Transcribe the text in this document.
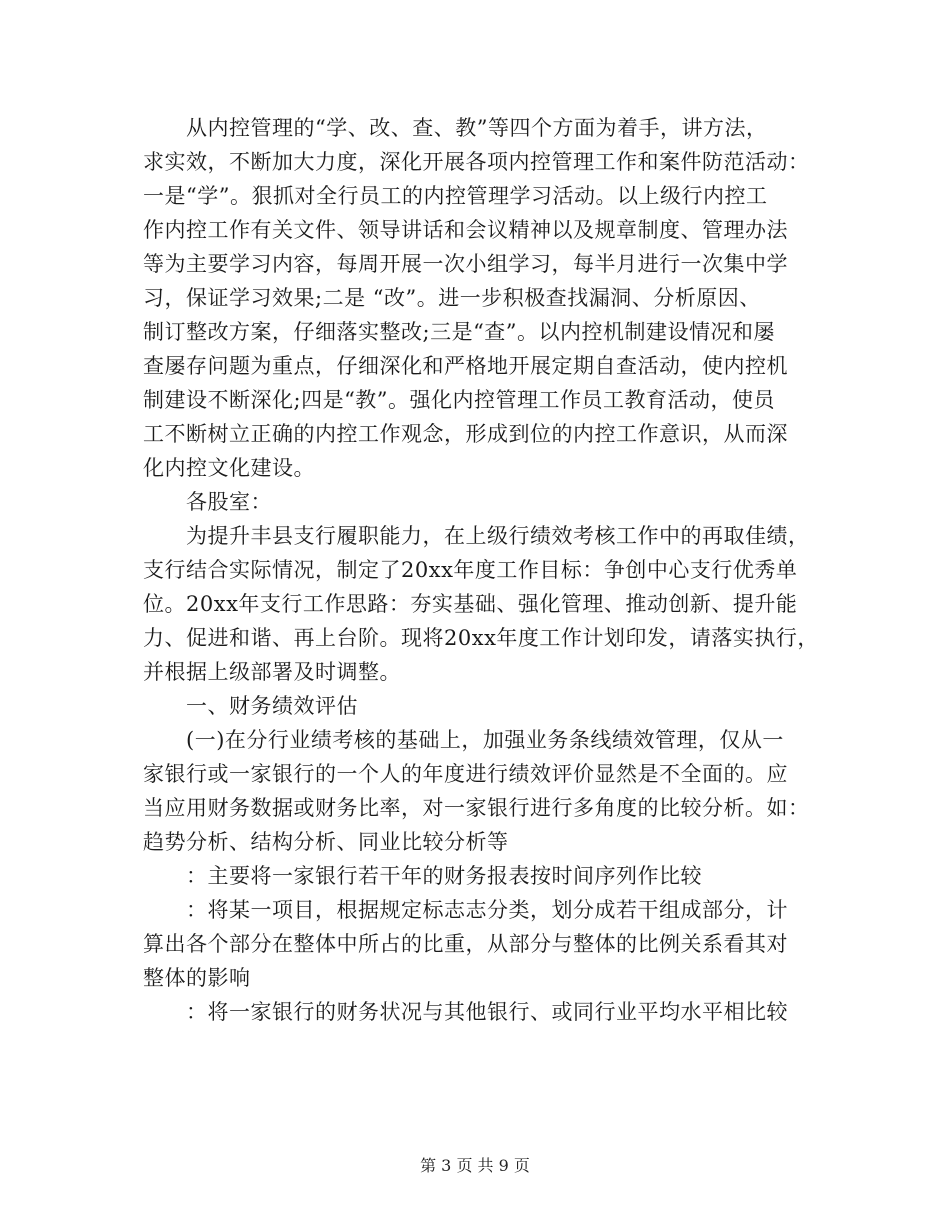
从内控管理的“学、改、查、教”等四个方面为着手，讲方法，
求实效，不断加大力度，深化开展各项内控管理工作和案件防范活动：
一是“学”。狠抓对全行员工的内控管理学习活动。以上级行内控工
作内控工作有关文件、领导讲话和会议精神以及规章制度、管理办法
等为主要学习内容，每周开展一次小组学习，每半月进行一次集中学
习，保证学习效果;二是 “改”。进一步积极查找漏洞、分析原因、
制订整改方案，仔细落实整改;三是“查”。以内控机制建设情况和屡
查屡存问题为重点，仔细深化和严格地开展定期自查活动，使内控机
制建设不断深化;四是“教”。强化内控管理工作员工教育活动，使员
工不断树立正确的内控工作观念，形成到位的内控工作意识，从而深
化内控文化建设。
各股室：
为提升丰县支行履职能力，在上级行绩效考核工作中的再取佳绩，
支行结合实际情况，制定了20xx年度工作目标：争创中心支行优秀单
位。20xx年支行工作思路：夯实基础、强化管理、推动创新、提升能
力、促进和谐、再上台阶。现将20xx年度工作计划印发，请落实执行，
并根据上级部署及时调整。
一、财务绩效评估
(一)在分行业绩考核的基础上，加强业务条线绩效管理，仅从一
家银行或一家银行的一个人的年度进行绩效评价显然是不全面的。应
当应用财务数据或财务比率，对一家银行进行多角度的比较分析。如：
趋势分析、结构分析、同业比较分析等
：主要将一家银行若干年的财务报表按时间序列作比较
：将某一项目，根据规定标志志分类，划分成若干组成部分，计
算出各个部分在整体中所占的比重，从部分与整体的比例关系看其对
整体的影响
：将一家银行的财务状况与其他银行、或同行业平均水平相比较
第 3 页 共 9 页
